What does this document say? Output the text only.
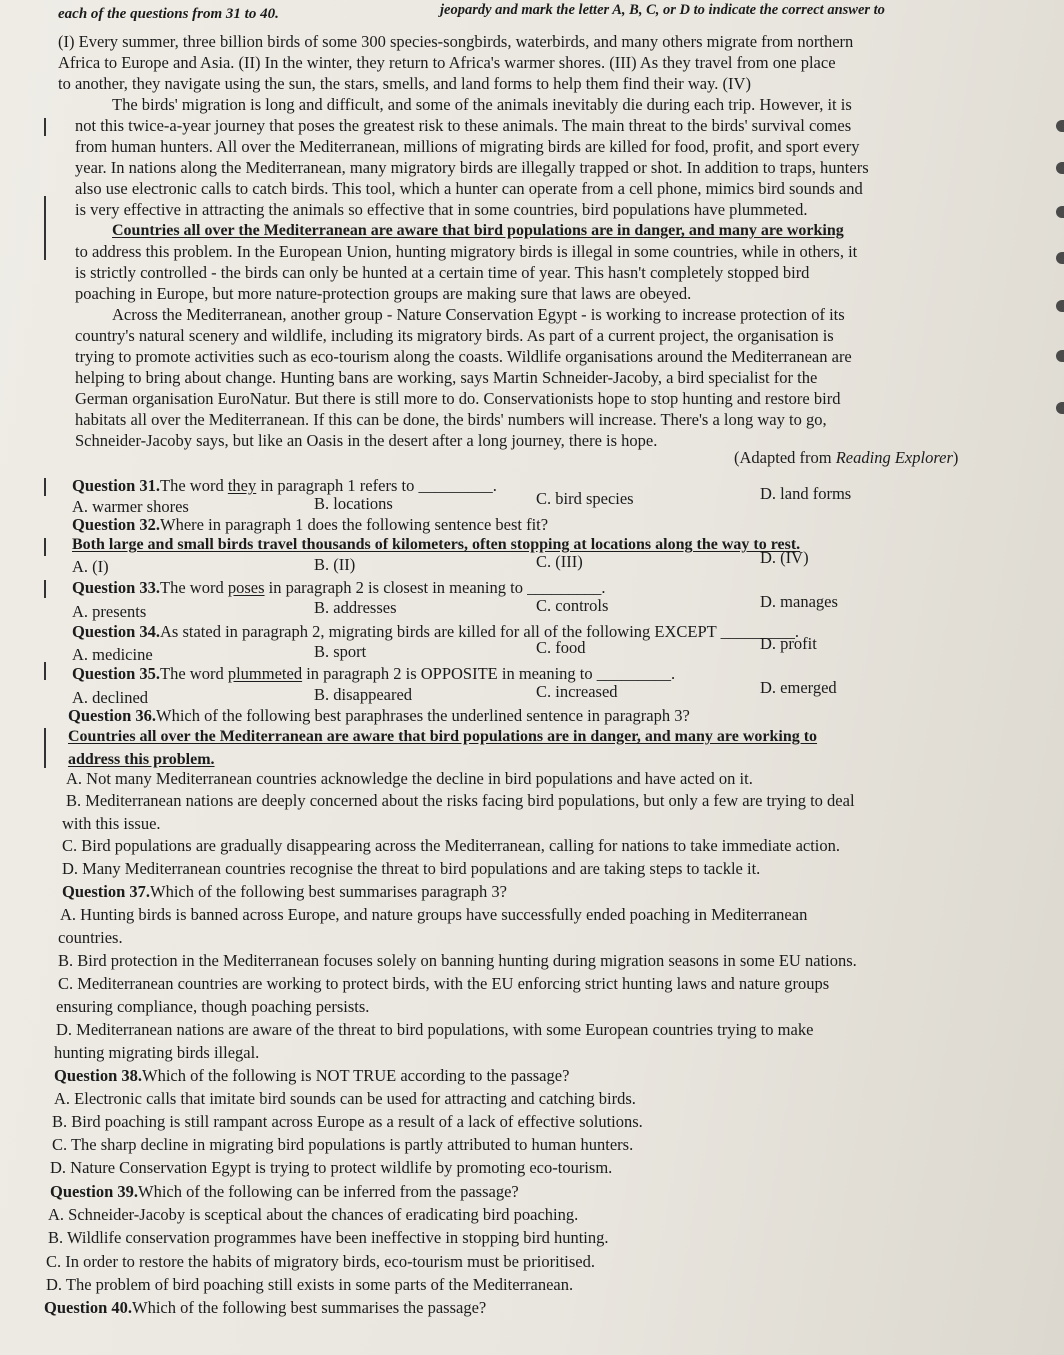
each of the questions from 31 to 40.	jeopardy and mark the letter A, B, C, or D to indicate the correct answer to
(I) Every summer, three billion birds of some 300 species-songbirds, waterbirds, and many others migrate from northern
Africa to Europe and Asia. (II) In the winter, they return to Africa's warmer shores. (III) As they travel from one place
to another, they navigate using the sun, the stars, smells, and land forms to help them find their way. (IV)
The birds' migration is long and difficult, and some of the animals inevitably die during each trip. However, it is
not this twice-a-year journey that poses the greatest risk to these animals. The main threat to the birds' survival comes
from human hunters. All over the Mediterranean, millions of migrating birds are killed for food, profit, and sport every
year. In nations along the Mediterranean, many migratory birds are illegally trapped or shot. In addition to traps, hunters
also use electronic calls to catch birds. This tool, which a hunter can operate from a cell phone, mimics bird sounds and
is very effective in attracting the animals so effective that in some countries, bird populations have plummeted.
Countries all over the Mediterranean are aware that bird populations are in danger, and many are working
to address this problem. In the European Union, hunting migratory birds is illegal in some countries, while in others, it
is strictly controlled - the birds can only be hunted at a certain time of year. This hasn't completely stopped bird
poaching in Europe, but more nature-protection groups are making sure that laws are obeyed.
Across the Mediterranean, another group - Nature Conservation Egypt - is working to increase protection of its
country's natural scenery and wildlife, including its migratory birds. As part of a current project, the organisation is
trying to promote activities such as eco-tourism along the coasts. Wildlife organisations around the Mediterranean are
helping to bring about change. Hunting bans are working, says Martin Schneider-Jacoby, a bird specialist for the
German organisation EuroNatur. But there is still more to do. Conservationists hope to stop hunting and restore bird
habitats all over the Mediterranean. If this can be done, the birds' numbers will increase. There's a long way to go,
Schneider-Jacoby says, but like an Oasis in the desert after a long journey, there is hope.
(Adapted from Reading Explorer)
Question 31.The word they in paragraph 1 refers to _________.
A. warmer shores	B. locations	C. bird species	D. land forms
Question 32.Where in paragraph 1 does the following sentence best fit?
Both large and small birds travel thousands of kilometers, often stopping at locations along the way to rest.
A. (I)	B. (II)	C. (III)	D. (IV)
Question 33.The word poses in paragraph 2 is closest in meaning to _________.
A. presents	B. addresses	C. controls	D. manages
Question 34.As stated in paragraph 2, migrating birds are killed for all of the following EXCEPT _________.
A. medicine	B. sport	C. food	D. profit
Question 35.The word plummeted in paragraph 2 is OPPOSITE in meaning to _________.
A. declined	B. disappeared	C. increased	D. emerged
Question 36.Which of the following best paraphrases the underlined sentence in paragraph 3?
Countries all over the Mediterranean are aware that bird populations are in danger, and many are working to
address this problem.
A. Not many Mediterranean countries acknowledge the decline in bird populations and have acted on it.
B. Mediterranean nations are deeply concerned about the risks facing bird populations, but only a few are trying to deal
with this issue.
C. Bird populations are gradually disappearing across the Mediterranean, calling for nations to take immediate action.
D. Many Mediterranean countries recognise the threat to bird populations and are taking steps to tackle it.
Question 37.Which of the following best summarises paragraph 3?
A. Hunting birds is banned across Europe, and nature groups have successfully ended poaching in Mediterranean
countries.
B. Bird protection in the Mediterranean focuses solely on banning hunting during migration seasons in some EU nations.
C. Mediterranean countries are working to protect birds, with the EU enforcing strict hunting laws and nature groups
ensuring compliance, though poaching persists.
D. Mediterranean nations are aware of the threat to bird populations, with some European countries trying to make
hunting migrating birds illegal.
Question 38.Which of the following is NOT TRUE according to the passage?
A. Electronic calls that imitate bird sounds can be used for attracting and catching birds.
B. Bird poaching is still rampant across Europe as a result of a lack of effective solutions.
C. The sharp decline in migrating bird populations is partly attributed to human hunters.
D. Nature Conservation Egypt is trying to protect wildlife by promoting eco-tourism.
Question 39.Which of the following can be inferred from the passage?
A. Schneider-Jacoby is sceptical about the chances of eradicating bird poaching.
B. Wildlife conservation programmes have been ineffective in stopping bird hunting.
C. In order to restore the habits of migratory birds, eco-tourism must be prioritised.
D. The problem of bird poaching still exists in some parts of the Mediterranean.
Question 40.Which of the following best summarises the passage?
